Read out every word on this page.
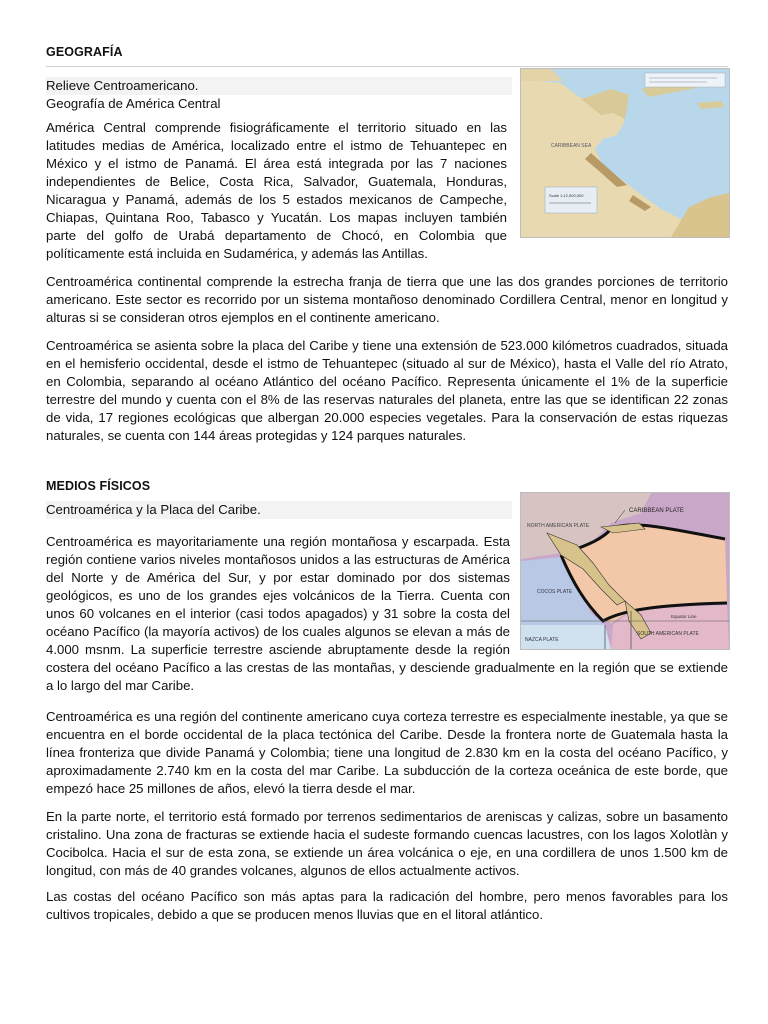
GEOGRAFÍA
CARIBBEAN SEA
Scale 1:12,500,000
Relieve Centroamericano.
Geografía de América Central

América Central comprende fisiográficamente el territorio situado en las latitudes medias de América, localizado entre el istmo de Tehuantepec en México y el istmo de Panamá. El área está integrada por las 7 naciones independientes de Belice, Costa Rica, Salvador, Guatemala, Honduras, Nicaragua y Panamá, además de los 5 estados mexicanos de Campeche, Chiapas, Quintana Roo, Tabasco y Yucatán. Los mapas incluyen también parte del golfo de Urabá departamento de Chocó, en Colombia que políticamente está incluida en Sudamérica, y además las Antillas.

Centroamérica continental comprende la estrecha franja de tierra que une las dos grandes porciones de territorio americano. Este sector es recorrido por un sistema montañoso denominado Cordillera Central, menor en longitud y alturas si se consideran otros ejemplos en el continente americano.

Centroamérica se asienta sobre la placa del Caribe y tiene una extensión de 523.000 kilómetros cuadrados, situada en el hemisferio occidental, desde el istmo de Tehuantepec (situado al sur de México), hasta el Valle del río Atrato, en Colombia, separando al océano Atlántico del océano Pacífico. Representa únicamente el 1% de la superficie terrestre del mundo y cuenta con el 8% de las reservas naturales del planeta, entre las que se identifican 22 zonas de vida, 17 regiones ecológicas que albergan 20.000 especies vegetales. Para la conservación de estas riquezas naturales, se cuenta con 144 áreas protegidas y 124 parques naturales.

MEDIOS FÍSICOS
CARIBBEAN PLATE
NORTH AMERICAN PLATE
COCOS PLATE
NAZCA PLATE
SOUTH AMERICAN PLATE
Equator Line
Centroamérica y la Placa del Caribe.

Centroamérica es mayoritariamente una región montañosa y escarpada. Esta región contiene varios niveles montañosos unidos a las estructuras de América del Norte y de América del Sur, y por estar dominado por dos sistemas geológicos, es uno de los grandes ejes volcánicos de la Tierra. Cuenta con unos 60 volcanes en el interior (casi todos apagados) y 31 sobre la costa del océano Pacífico (la mayoría activos) de los cuales algunos se elevan a más de 4.000 msnm. La superficie terrestre asciende abruptamente desde la región costera del océano Pacífico a las crestas de las montañas, y desciende gradualmente en la región que se extiende a lo largo del mar Caribe.

Centroamérica es una región del continente americano cuya corteza terrestre es especialmente inestable, ya que se encuentra en el borde occidental de la placa tectónica del Caribe. Desde la frontera norte de Guatemala hasta la línea fronteriza que divide Panamá y Colombia; tiene una longitud de 2.830 km en la costa del océano Pacífico, y aproximadamente 2.740 km en la costa del mar Caribe. La subducción de la corteza oceánica de este borde, que empezó hace 25 millones de años, elevó la tierra desde el mar.

En la parte norte, el territorio está formado por terrenos sedimentarios de areniscas y calizas, sobre un basamento cristalino. Una zona de fracturas se extiende hacia el sudeste formando cuencas lacustres, con los lagos Xolotlàn y Cocibolca. Hacia el sur de esta zona, se extiende un área volcánica o eje, en una cordillera de unos 1.500 km de longitud, con más de 40 grandes volcanes, algunos de ellos actualmente activos.

Las costas del océano Pacífico son más aptas para la radicación del hombre, pero menos favorables para los cultivos tropicales, debido a que se producen menos lluvias que en el litoral atlántico.
